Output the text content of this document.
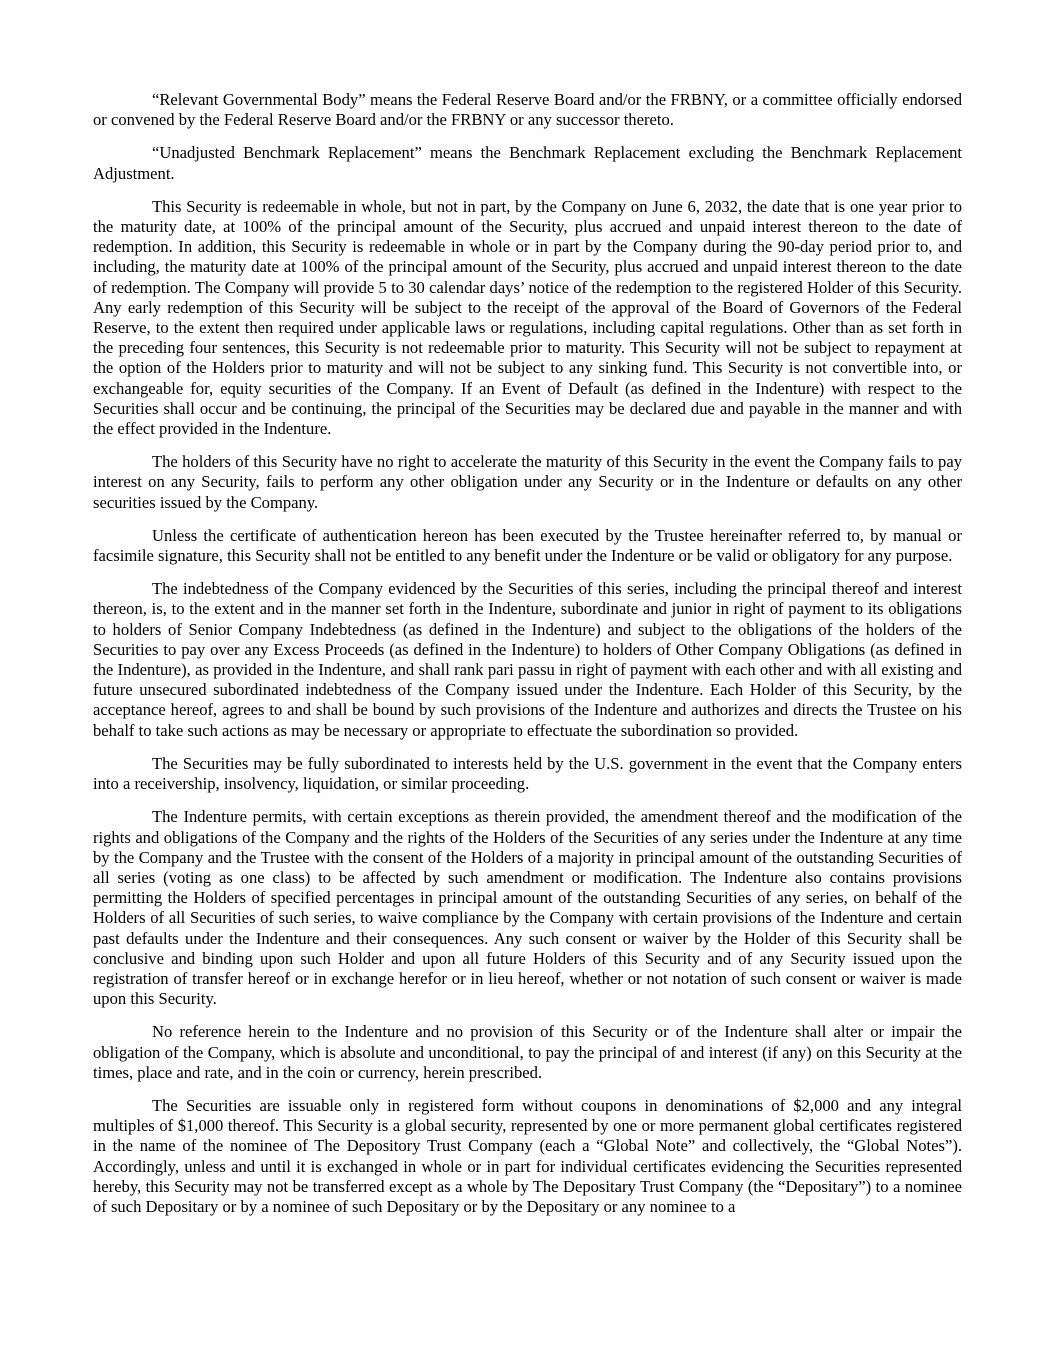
“Relevant Governmental Body” means the Federal Reserve Board and/or the FRBNY, or a committee officially endorsed or convened by the Federal Reserve Board and/or the FRBNY or any successor thereto.

“Unadjusted Benchmark Replacement” means the Benchmark Replacement excluding the Benchmark Replacement Adjustment.

This Security is redeemable in whole, but not in part, by the Company on June 6, 2032, the date that is one year prior to the maturity date, at 100% of the principal amount of the Security, plus accrued and unpaid interest thereon to the date of redemption. In addition, this Security is redeemable in whole or in part by the Company during the 90-day period prior to, and including, the maturity date at 100% of the principal amount of the Security, plus accrued and unpaid interest thereon to the date of redemption. The Company will provide 5 to 30 calendar days’ notice of the redemption to the registered Holder of this Security. Any early redemption of this Security will be subject to the receipt of the approval of the Board of Governors of the Federal Reserve, to the extent then required under applicable laws or regulations, including capital regulations. Other than as set forth in the preceding four sentences, this Security is not redeemable prior to maturity. This Security will not be subject to repayment at the option of the Holders prior to maturity and will not be subject to any sinking fund. This Security is not convertible into, or exchangeable for, equity securities of the Company. If an Event of Default (as defined in the Indenture) with respect to the Securities shall occur and be continuing, the principal of the Securities may be declared due and payable in the manner and with the effect provided in the Indenture.

The holders of this Security have no right to accelerate the maturity of this Security in the event the Company fails to pay interest on any Security, fails to perform any other obligation under any Security or in the Indenture or defaults on any other securities issued by the Company.

Unless the certificate of authentication hereon has been executed by the Trustee hereinafter referred to, by manual or facsimile signature, this Security shall not be entitled to any benefit under the Indenture or be valid or obligatory for any purpose.

The indebtedness of the Company evidenced by the Securities of this series, including the principal thereof and interest thereon, is, to the extent and in the manner set forth in the Indenture, subordinate and junior in right of payment to its obligations to holders of Senior Company Indebtedness (as defined in the Indenture) and subject to the obligations of the holders of the Securities to pay over any Excess Proceeds (as defined in the Indenture) to holders of Other Company Obligations (as defined in the Indenture), as provided in the Indenture, and shall rank pari passu in right of payment with each other and with all existing and future unsecured subordinated indebtedness of the Company issued under the Indenture. Each Holder of this Security, by the acceptance hereof, agrees to and shall be bound by such provisions of the Indenture and authorizes and directs the Trustee on his behalf to take such actions as may be necessary or appropriate to effectuate the subordination so provided.

The Securities may be fully subordinated to interests held by the U.S. government in the event that the Company enters into a receivership, insolvency, liquidation, or similar proceeding.

The Indenture permits, with certain exceptions as therein provided, the amendment thereof and the modification of the rights and obligations of the Company and the rights of the Holders of the Securities of any series under the Indenture at any time by the Company and the Trustee with the consent of the Holders of a majority in principal amount of the outstanding Securities of all series (voting as one class) to be affected by such amendment or modification. The Indenture also contains provisions permitting the Holders of specified percentages in principal amount of the outstanding Securities of any series, on behalf of the Holders of all Securities of such series, to waive compliance by the Company with certain provisions of the Indenture and certain past defaults under the Indenture and their consequences. Any such consent or waiver by the Holder of this Security shall be conclusive and binding upon such Holder and upon all future Holders of this Security and of any Security issued upon the registration of transfer hereof or in exchange herefor or in lieu hereof, whether or not notation of such consent or waiver is made upon this Security.

No reference herein to the Indenture and no provision of this Security or of the Indenture shall alter or impair the obligation of the Company, which is absolute and unconditional, to pay the principal of and interest (if any) on this Security at the times, place and rate, and in the coin or currency, herein prescribed.

The Securities are issuable only in registered form without coupons in denominations of $2,000 and any integral multiples of $1,000 thereof. This Security is a global security, represented by one or more permanent global certificates registered in the name of the nominee of The Depository Trust Company (each a “Global Note” and collectively, the “Global Notes”). Accordingly, unless and until it is exchanged in whole or in part for individual certificates evidencing the Securities represented hereby, this Security may not be transferred except as a whole by The Depositary Trust Company (the “Depositary”) to a nominee of such Depositary or by a nominee of such Depositary or by the Depositary or any nominee to a
